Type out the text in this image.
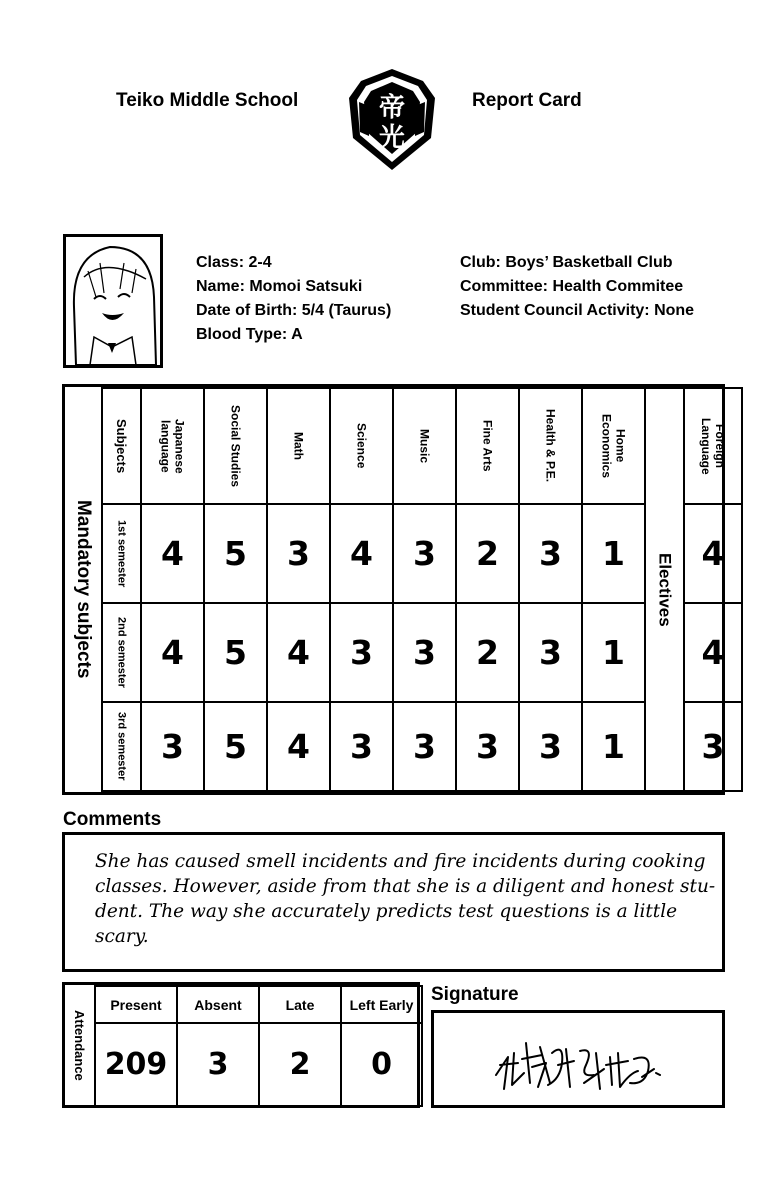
Teiko Middle School	Report Card
帝
光
Class: 2-4
Name: Momoi Satsuki
Date of Birth: 5/4 (Taurus)
Blood Type: A
Club: Boys’ Basketball Club
Committee: Health Commitee
Student Council Activity: None
Mandatory subjects
Subjects	Japanese language	Social Studies	Math	Science	Music	Fine Arts	Health & P.E.	Home Economics	Electives	Foreign Language

1st semester	4	5	3	4	3	2	3	1		4

2nd semester	4	5	4	3	3	2	3	1		4

3rd semester	3	5	4	3	3	3	3	1		3
Comments
She has caused smell incidents and fire incidents during cooking
classes. However, aside from that she is a diligent and honest stu-
dent. The way she accurately predicts test questions is a little
scary.
Attendance
Present	Absent	Late	Left Early
209	3	2	0
Signature
